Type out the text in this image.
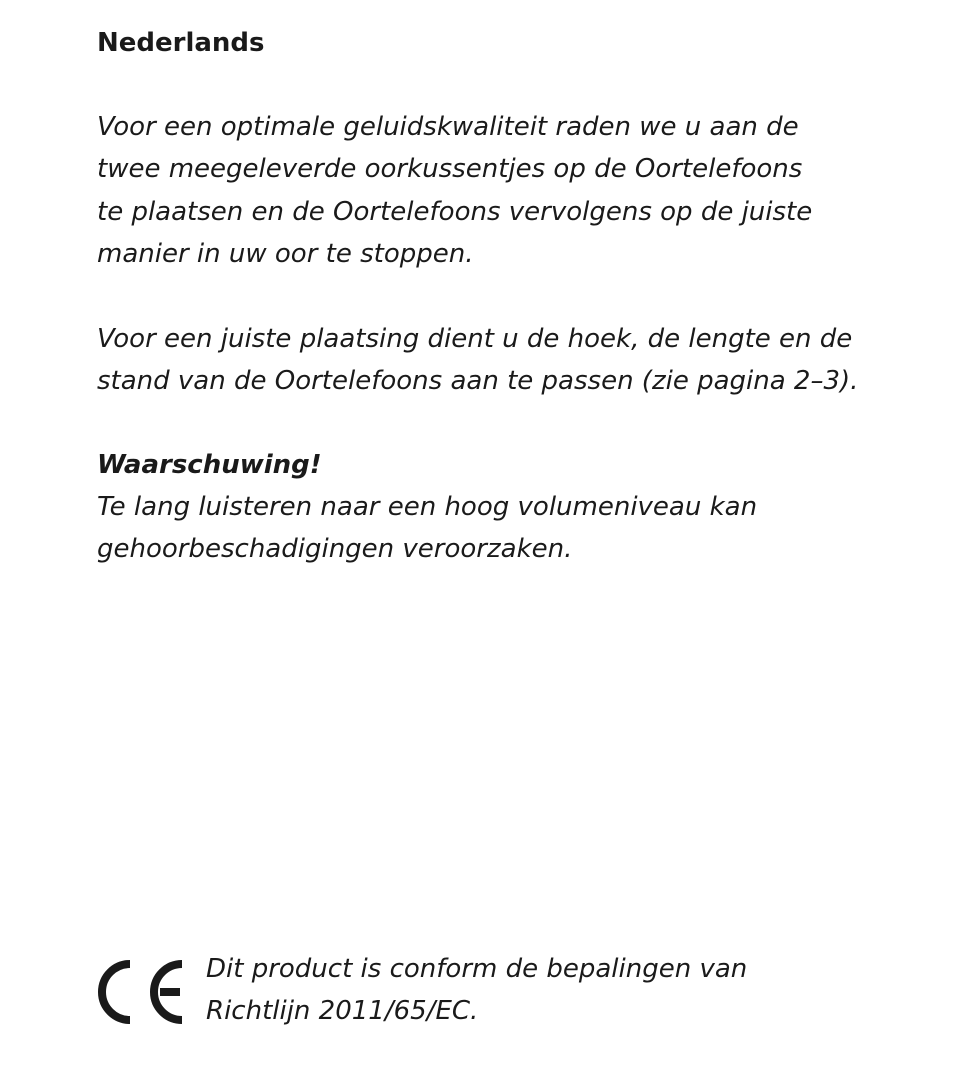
Nederlands

Voor een optimale geluidskwaliteit raden we u aan de
twee meegeleverde oorkussentjes op de Oortelefoons
te plaatsen en de Oortelefoons vervolgens op de juiste
manier in uw oor te stoppen.

Voor een juiste plaatsing dient u de hoek, de lengte en de
stand van de Oortelefoons aan te passen (zie pagina 2–3).

Waarschuwing!

Te lang luisteren naar een hoog volumeniveau kan
gehoorbeschadigingen veroorzaken.

Dit product is conform de bepalingen van
Richtlijn 2011/65/EC.
